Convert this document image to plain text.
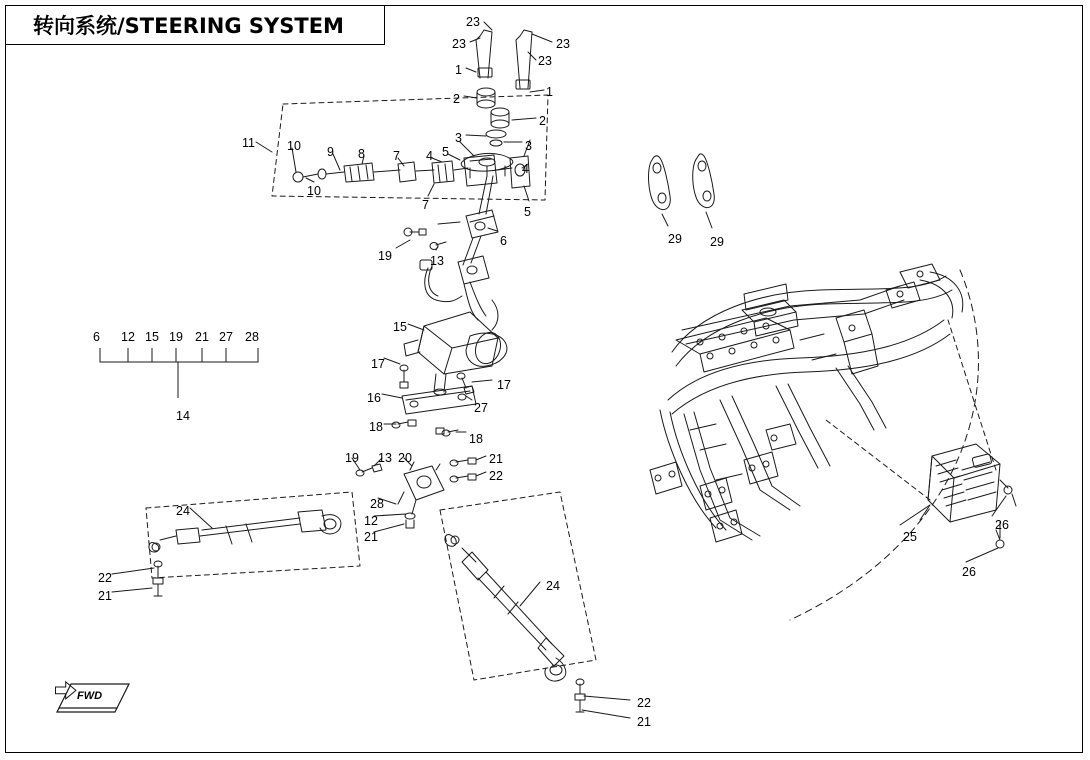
转向系统/STEERING SYSTEM	23
23	23
23
1
1
2
2
3
3
5
4
4
11	10 9 8 7
10
7	5
6
19	13
15
17
17
16
27
18
18
19 13 20	21
22
28
12
21
24
22
21
24
22
21
29 29
25
26
26
6 12 15 19 21 27 28
14
FWD
